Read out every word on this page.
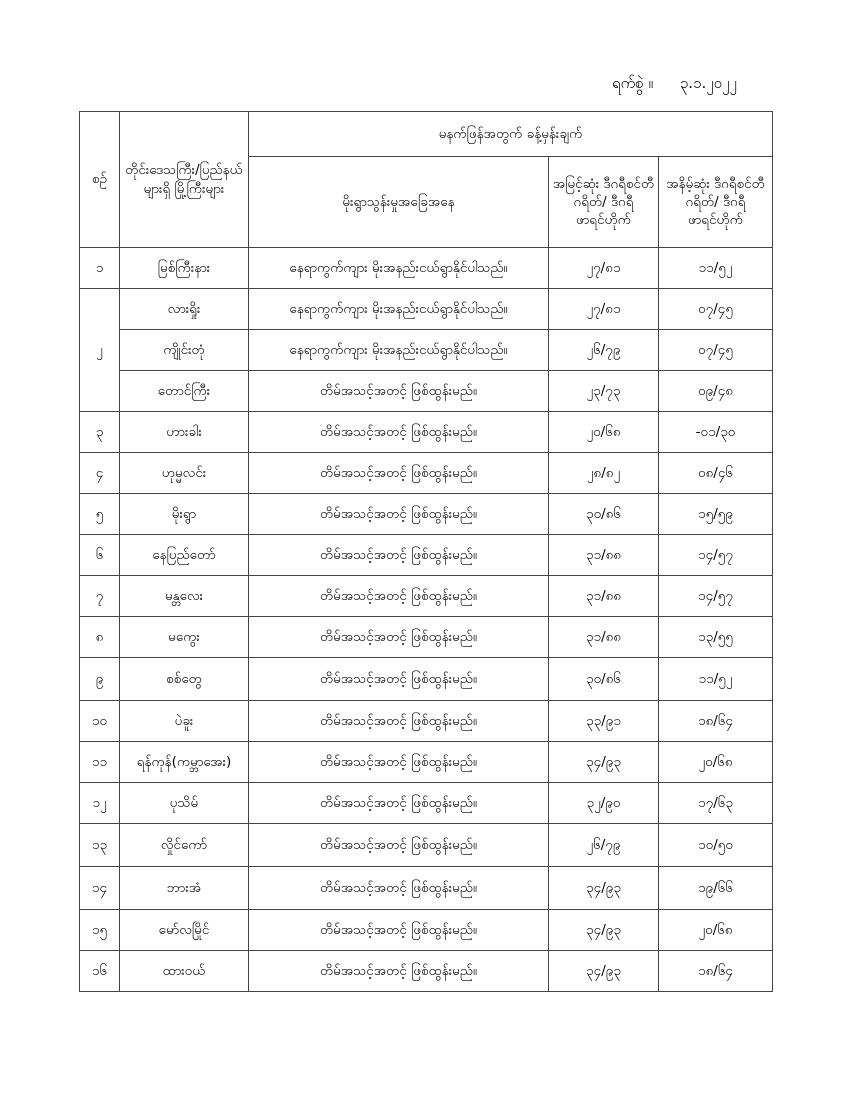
ရက်စွဲ ။ ၃.၁.၂၀၂၂
စဉ်	တိုင်းဒေသကြီး/ပြည်နယ်များရှိ မြို့ကြီးများ	မနက်ဖြန်အတွက် ခန့်မှန်းချက်		
		မိုးရွာသွန်းမှုအခြေအနေ	အမြင့်ဆုံး ဒီဂရီစင်တီဂရိတ်/ ဒီဂရီဖာရင်ဟိုက်	အနိမ့်ဆုံး ဒီဂရီစင်တီဂရိတ်/ ဒီဂရီဖာရင်ဟိုက်
၁	မြစ်ကြီးနား	နေရာကွက်ကျား မိုးအနည်းငယ်ရွာနိုင်ပါသည်။	၂၇/၈၁	၁၁/၅၂
၂	လားရှိုး	နေရာကွက်ကျား မိုးအနည်းငယ်ရွာနိုင်ပါသည်။	၂၇/၈၁	၀၇/၄၅
	ကျိုင်းတုံ	နေရာကွက်ကျား မိုးအနည်းငယ်ရွာနိုင်ပါသည်။	၂၆/၇၉	၀၇/၄၅
	တောင်ကြီး	တိမ်အသင့်အတင့် ဖြစ်ထွန်းမည်။	၂၃/၇၃	၀၉/၄၈
၃	ဟားခါး	တိမ်အသင့်အတင့် ဖြစ်ထွန်းမည်။	၂၀/၆၈	-၀၁/၃၀
၄	ဟုမ္မလင်း	တိမ်အသင့်အတင့် ဖြစ်ထွန်းမည်။	၂၈/၈၂	၀၈/၄၆
၅	မိုးရွာ	တိမ်အသင့်အတင့် ဖြစ်ထွန်းမည်။	၃၀/၈၆	၁၅/၅၉
၆	နေပြည်တော်	တိမ်အသင့်အတင့် ဖြစ်ထွန်းမည်။	၃၁/၈၈	၁၄/၅၇
၇	မန္တလေး	တိမ်အသင့်အတင့် ဖြစ်ထွန်းမည်။	၃၁/၈၈	၁၄/၅၇
၈	မကွေး	တိမ်အသင့်အတင့် ဖြစ်ထွန်းမည်။	၃၁/၈၈	၁၃/၅၅
၉	စစ်တွေ	တိမ်အသင့်အတင့် ဖြစ်ထွန်းမည်။	၃၀/၈၆	၁၁/၅၂
၁၀	ပဲခူး	တိမ်အသင့်အတင့် ဖြစ်ထွန်းမည်။	၃၃/၉၁	၁၈/၆၄
၁၁	ရန်ကုန်(ကမ္ဘာအေး)	တိမ်အသင့်အတင့် ဖြစ်ထွန်းမည်။	၃၄/၉၃	၂၀/၆၈
၁၂	ပုသိမ်	တိမ်အသင့်အတင့် ဖြစ်ထွန်းမည်။	၃၂/၉၀	၁၇/၆၃
၁၃	လှိုင်ကော်	တိမ်အသင့်အတင့် ဖြစ်ထွန်းမည်။	၂၆/၇၉	၁၀/၅၀
၁၄	ဘားအံ	တိမ်အသင့်အတင့် ဖြစ်ထွန်းမည်။	၃၄/၉၃	၁၉/၆၆
၁၅	မော်လမြိုင်	တိမ်အသင့်အတင့် ဖြစ်ထွန်းမည်။	၃၄/၉၃	၂၀/၆၈
၁၆	ထားဝယ်	တိမ်အသင့်အတင့် ဖြစ်ထွန်းမည်။	၃၄/၉၃	၁၈/၆၄
